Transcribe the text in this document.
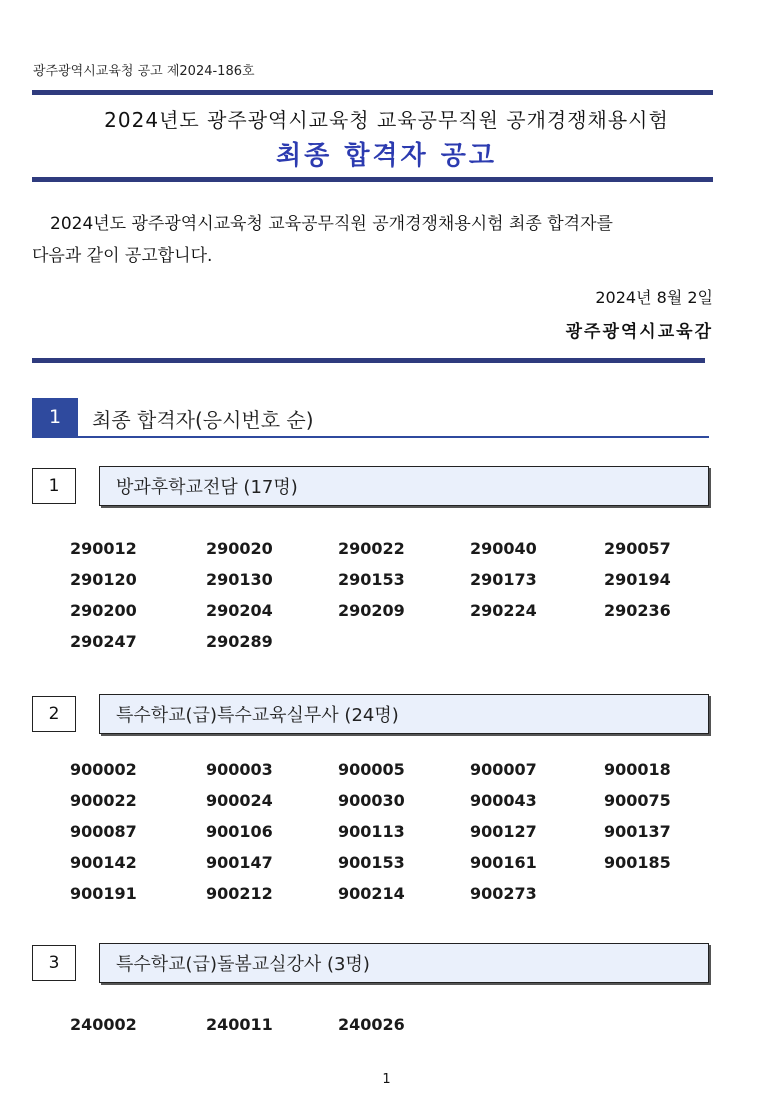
광주광역시교육청 공고 제2024-186호
2024년도 광주광역시교육청 교육공무직원 공개경쟁채용시험
최종 합격자 공고
2024년도 광주광역시교육청 교육공무직원 공개경쟁채용시험 최종 합격자를
다음과 같이 공고합니다.
2024년 8월 2일
광주광역시교육감
1	최종 합격자(응시번호 순)
1	방과후학교전담 (17명)
290012	290020	290022	290040	290057
290120	290130	290153	290173	290194
290200	290204	290209	290224	290236
290247	290289
2	특수학교(급)특수교육실무사 (24명)
900002	900003	900005	900007	900018
900022	900024	900030	900043	900075
900087	900106	900113	900127	900137
900142	900147	900153	900161	900185
900191	900212	900214	900273
3	특수학교(급)돌봄교실강사 (3명)
240002	240011	240026
1
